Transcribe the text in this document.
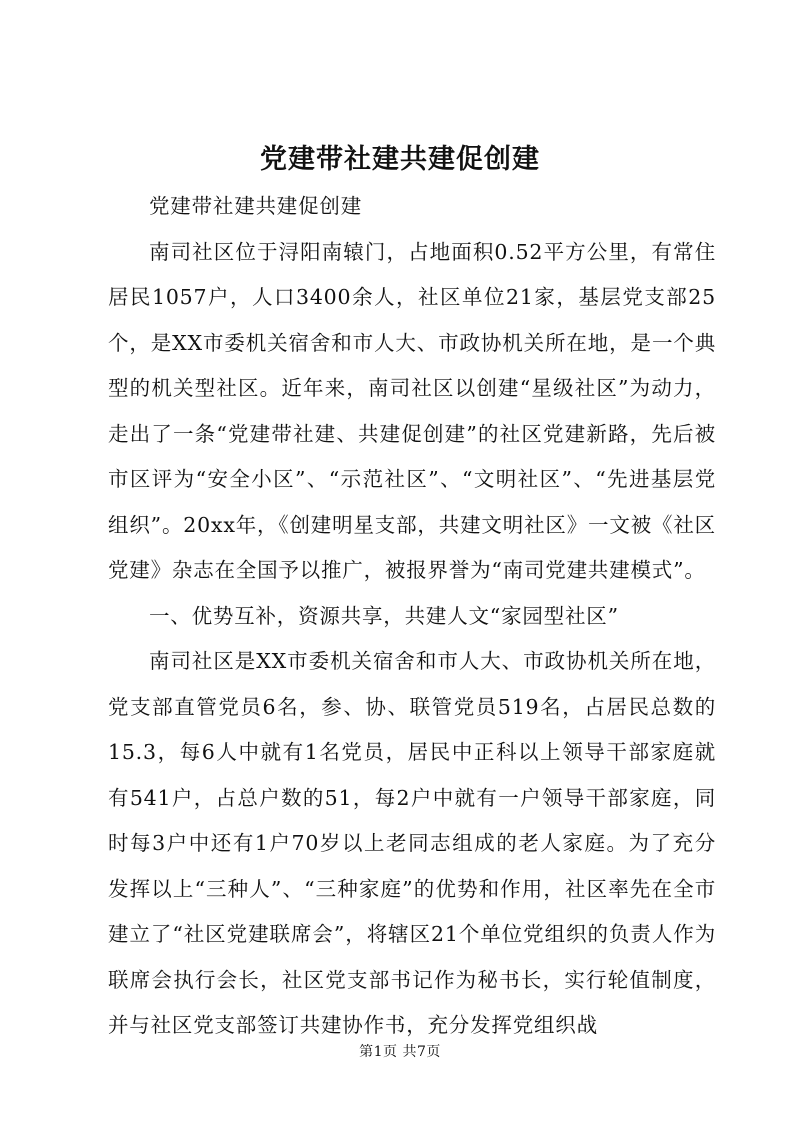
党建带社建共建促创建

党建带社建共建促创建

南司社区位于浔阳南辕门，占地面积0.52平方公里，有常住居民1057户，人口3400余人，社区单位21家，基层党支部25个，是XX市委机关宿舍和市人大、市政协机关所在地，是一个典型的机关型社区。近年来，南司社区以创建“星级社区”为动力，走出了一条“党建带社建、共建促创建”的社区党建新路，先后被市区评为“安全小区”、“示范社区”、“文明社区”、“先进基层党组织”。20xx年，《创建明星支部，共建文明社区》一文被《社区党建》杂志在全国予以推广，被报界誉为“南司党建共建模式”。

一、优势互补，资源共享，共建人文“家园型社区”

南司社区是XX市委机关宿舍和市人大、市政协机关所在地，党支部直管党员6名，参、协、联管党员519名，占居民总数的15.3，每6人中就有1名党员，居民中正科以上领导干部家庭就有541户，占总户数的51，每2户中就有一户领导干部家庭，同时每3户中还有1户70岁以上老同志组成的老人家庭。为了充分发挥以上“三种人”、“三种家庭”的优势和作用，社区率先在全市建立了“社区党建联席会”，将辖区21个单位党组织的负责人作为联席会执行会长，社区党支部书记作为秘书长，实行轮值制度，并与社区党支部签订共建协作书，充分发挥党组织战

第1页 共7页
